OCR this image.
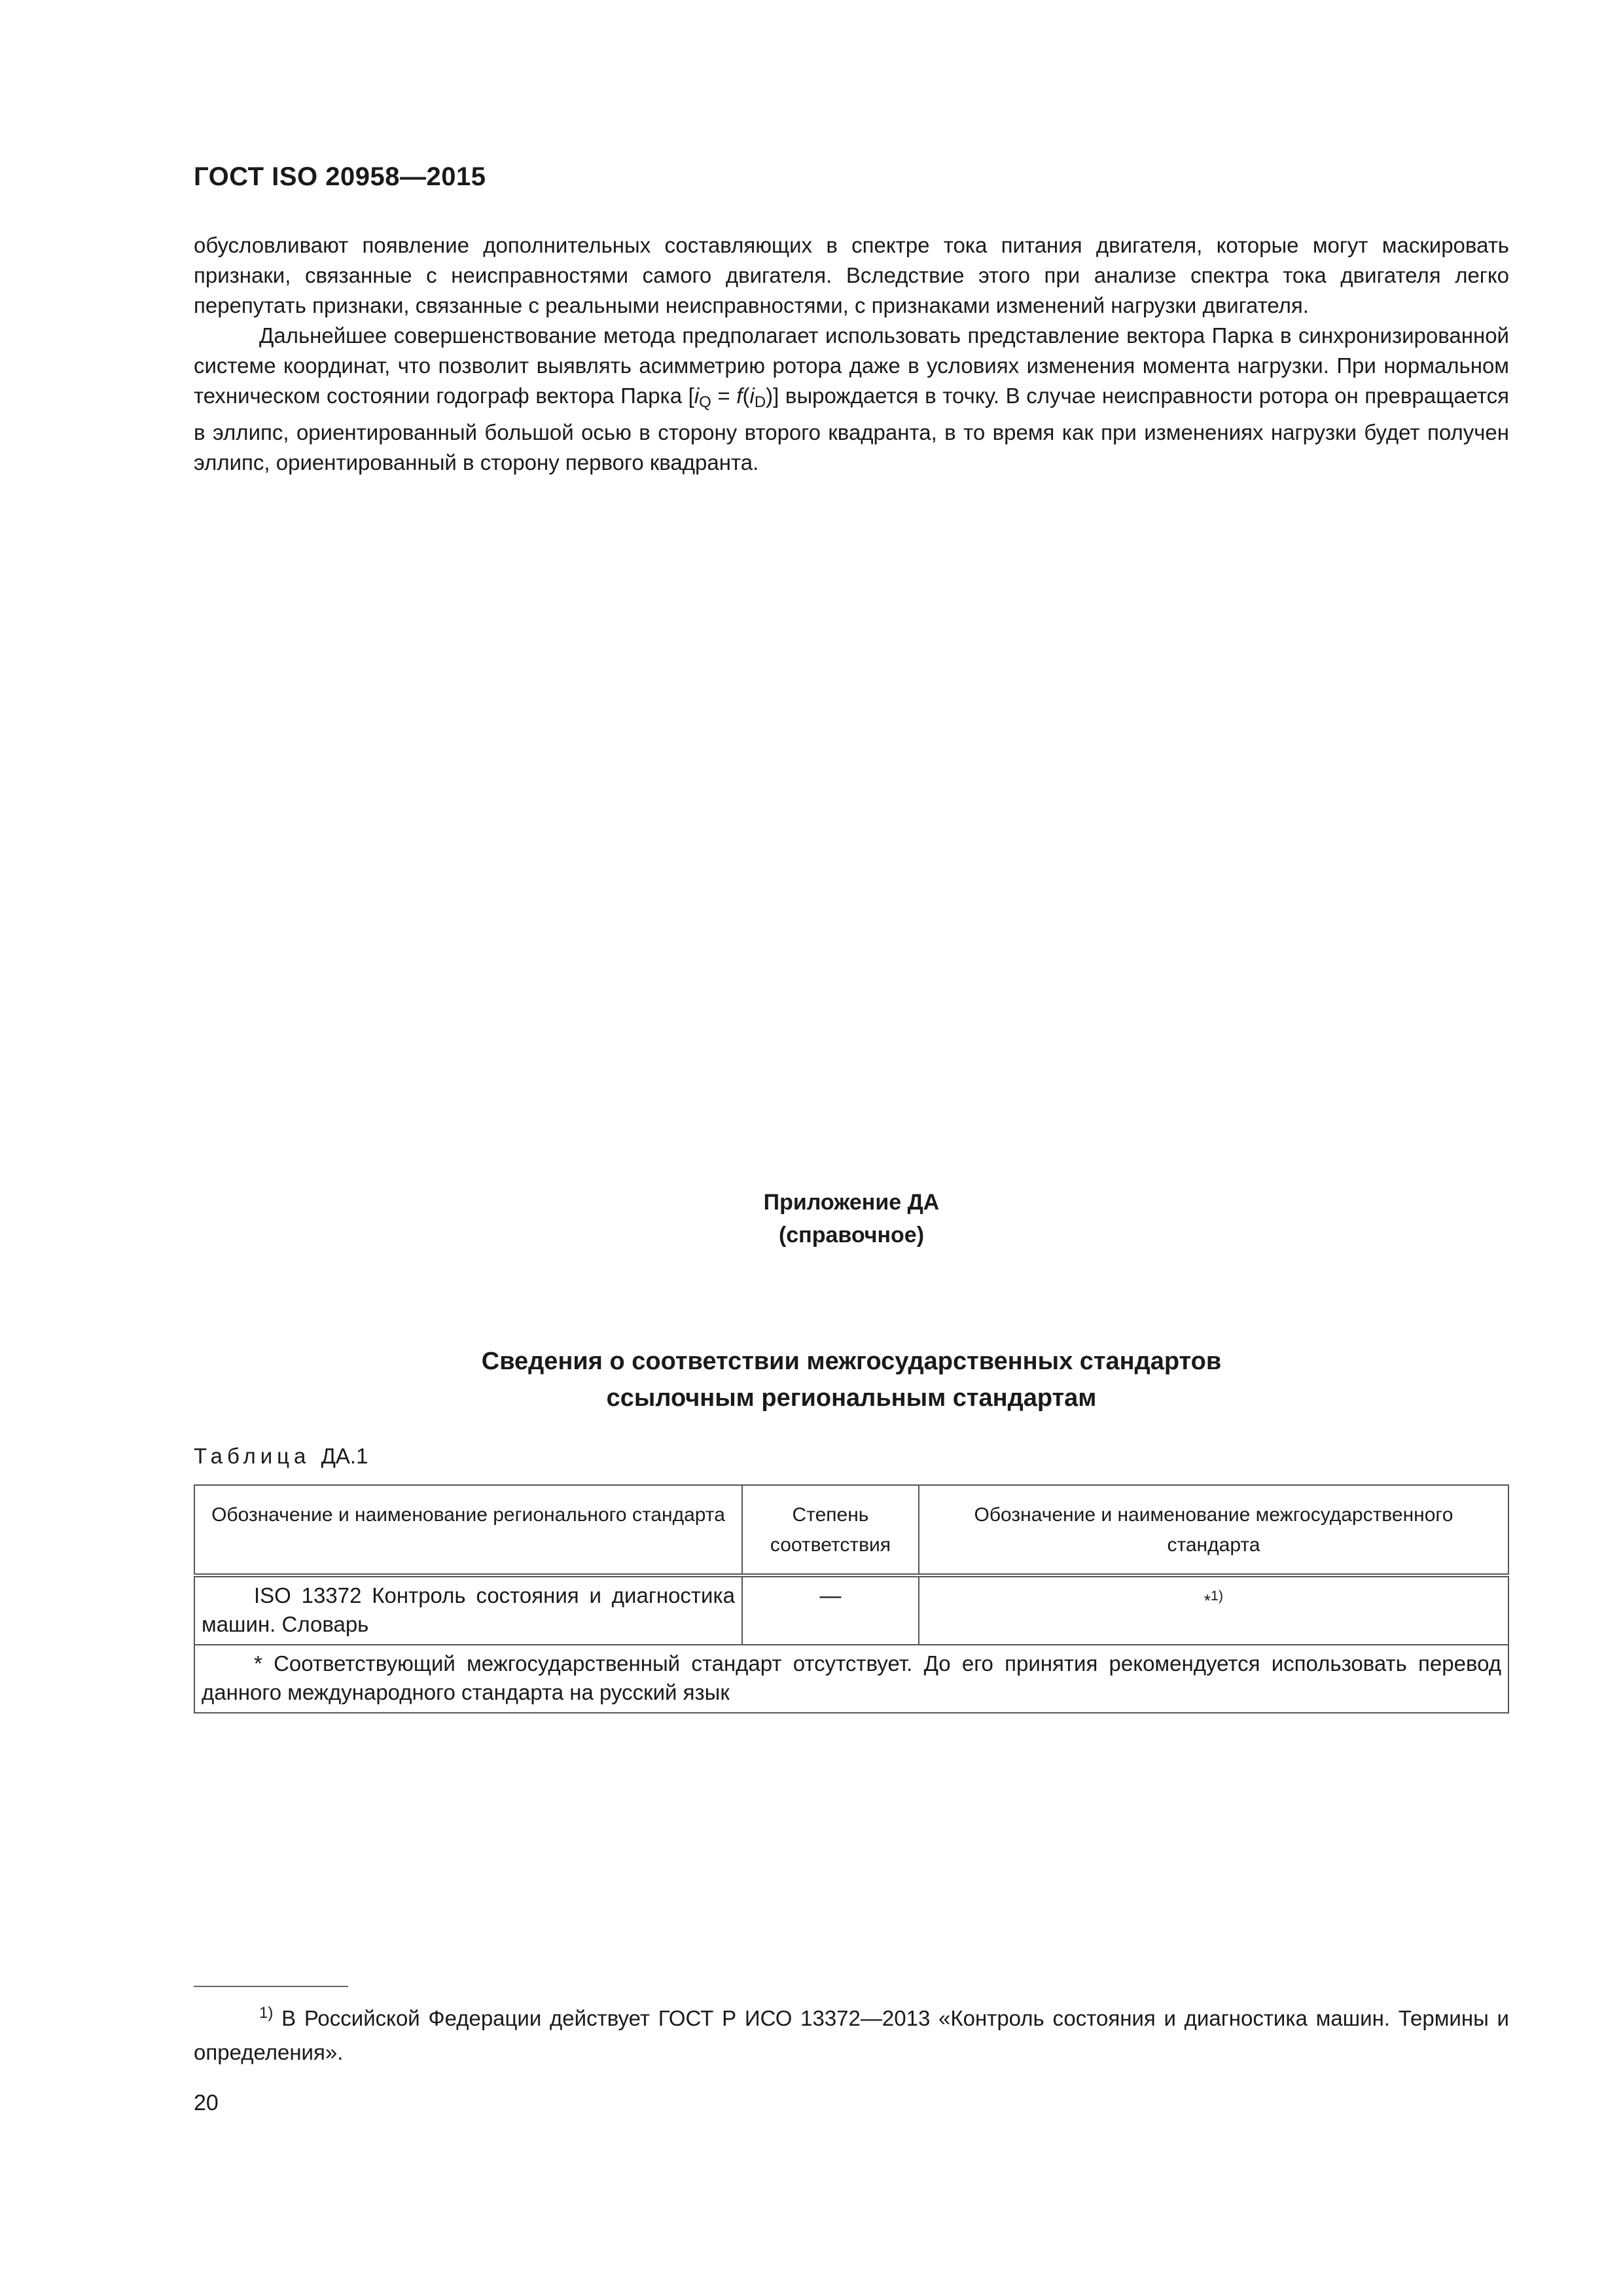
ГОСТ ISO 20958—2015

обусловливают появление дополнительных составляющих в спектре тока питания двигателя, которые могут маскировать признаки, связанные с неисправностями самого двигателя. Вследствие этого при анализе спектра тока двигателя легко перепутать признаки, связанные с реальными неисправностями, с признаками изменений нагрузки двигателя.

Дальнейшее совершенствование метода предполагает использовать представление вектора Парка в синхронизированной системе координат, что позволит выявлять асимметрию ротора даже в условиях изменения момента нагрузки. При нормальном техническом состоянии годограф вектора Парка $[i_Q = f(i_D)]$ вырождается в точку. В случае неисправности ротора он превращается в эллипс, ориентированный большой осью в сторону второго квадранта, в то время как при изменениях нагрузки будет получен эллипс, ориентированный в сторону первого квадранта.

Приложение ДА
(справочное)
Сведения о соответствии межгосударственных стандартов
ссылочным региональным стандартам
Таблица ДА.1
Обозначение и наименование регионального стандарта	Степень соответствия	Обозначение и наименование межгосударственного стандарта
ISO 13372 Контроль состояния и диагностика машин. Словарь	—	*$^{1)}$
* Соответствующий межгосударственный стандарт отсутствует. До его принятия рекомендуется использовать перевод данного международного стандарта на русский язык		
$^{1)}$ В Российской Федерации действует ГОСТ Р ИСО 13372—2013 «Контроль состояния и диагностика машин. Термины и определения».
20
